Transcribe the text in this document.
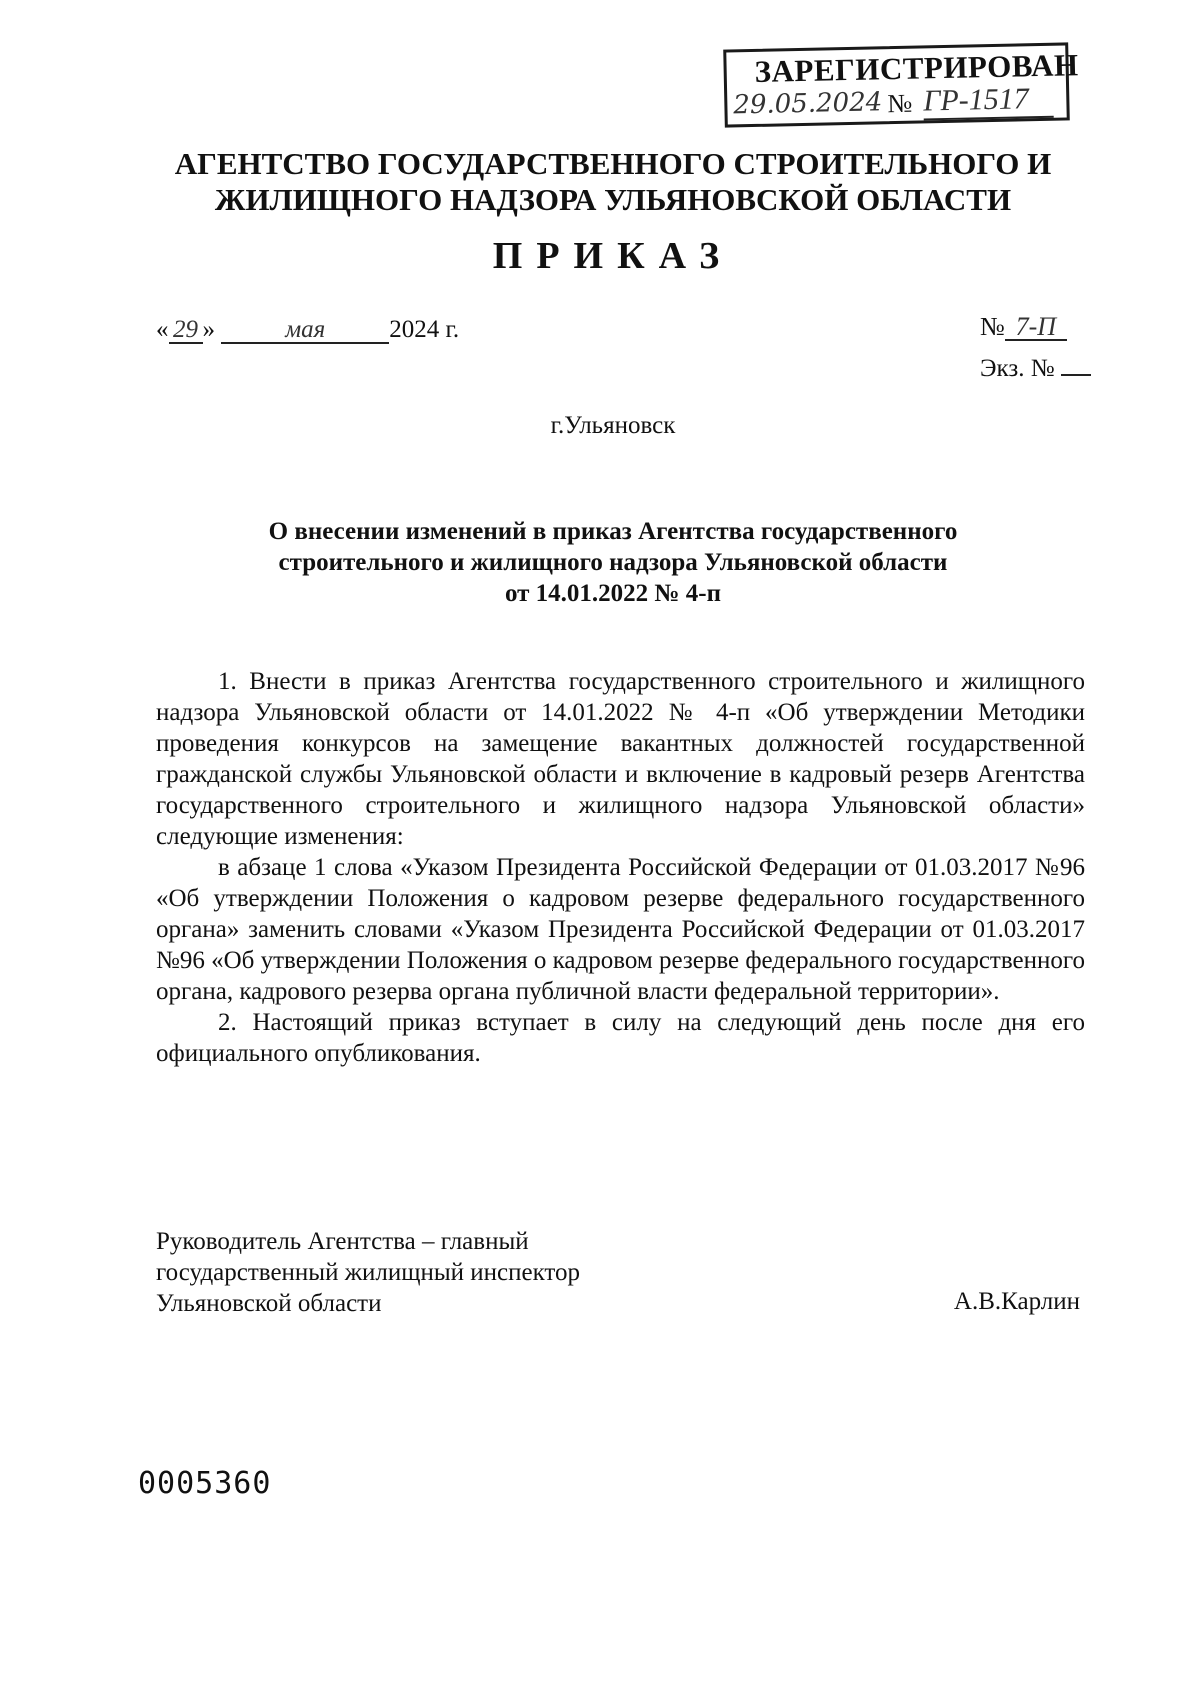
ЗАРЕГИСТРИРОВАН
29.05.2024 № ГР-1517
АГЕНТСТВО ГОСУДАРСТВЕННОГО СТРОИТЕЛЬНОГО И
ЖИЛИЩНОГО НАДЗОРА УЛЬЯНОВСКОЙ ОБЛАСТИ
ПРИКАЗ
« 29 »	мая	2024 г.	№ 7-П
Экз. №
г.Ульяновск
О внесении изменений в приказ Агентства государственного
строительного и жилищного надзора Ульяновской области
от 14.01.2022 № 4-п

1. Внести в приказ Агентства государственного строительного и жилищного надзора Ульяновской области от 14.01.2022 № 4-п «Об утверждении Методики проведения конкурсов на замещение вакантных должностей государственной гражданской службы Ульяновской области и включение в кадровый резерв Агентства государственного строительного и жилищного надзора Ульяновской области» следующие изменения:

в абзаце 1 слова «Указом Президента Российской Федерации от 01.03.2017 №96 «Об утверждении Положения о кадровом резерве федерального государственного органа» заменить словами «Указом Президента Российской Федерации от 01.03.2017 №96 «Об утверждении Положения о кадровом резерве федерального государственного органа, кадрового резерва органа публичной власти федеральной территории».

2. Настоящий приказ вступает в силу на следующий день после дня его официального опубликования.

Руководитель Агентства – главный
государственный жилищный инспектор
Ульяновской области	А.В.Карлин
0005360
